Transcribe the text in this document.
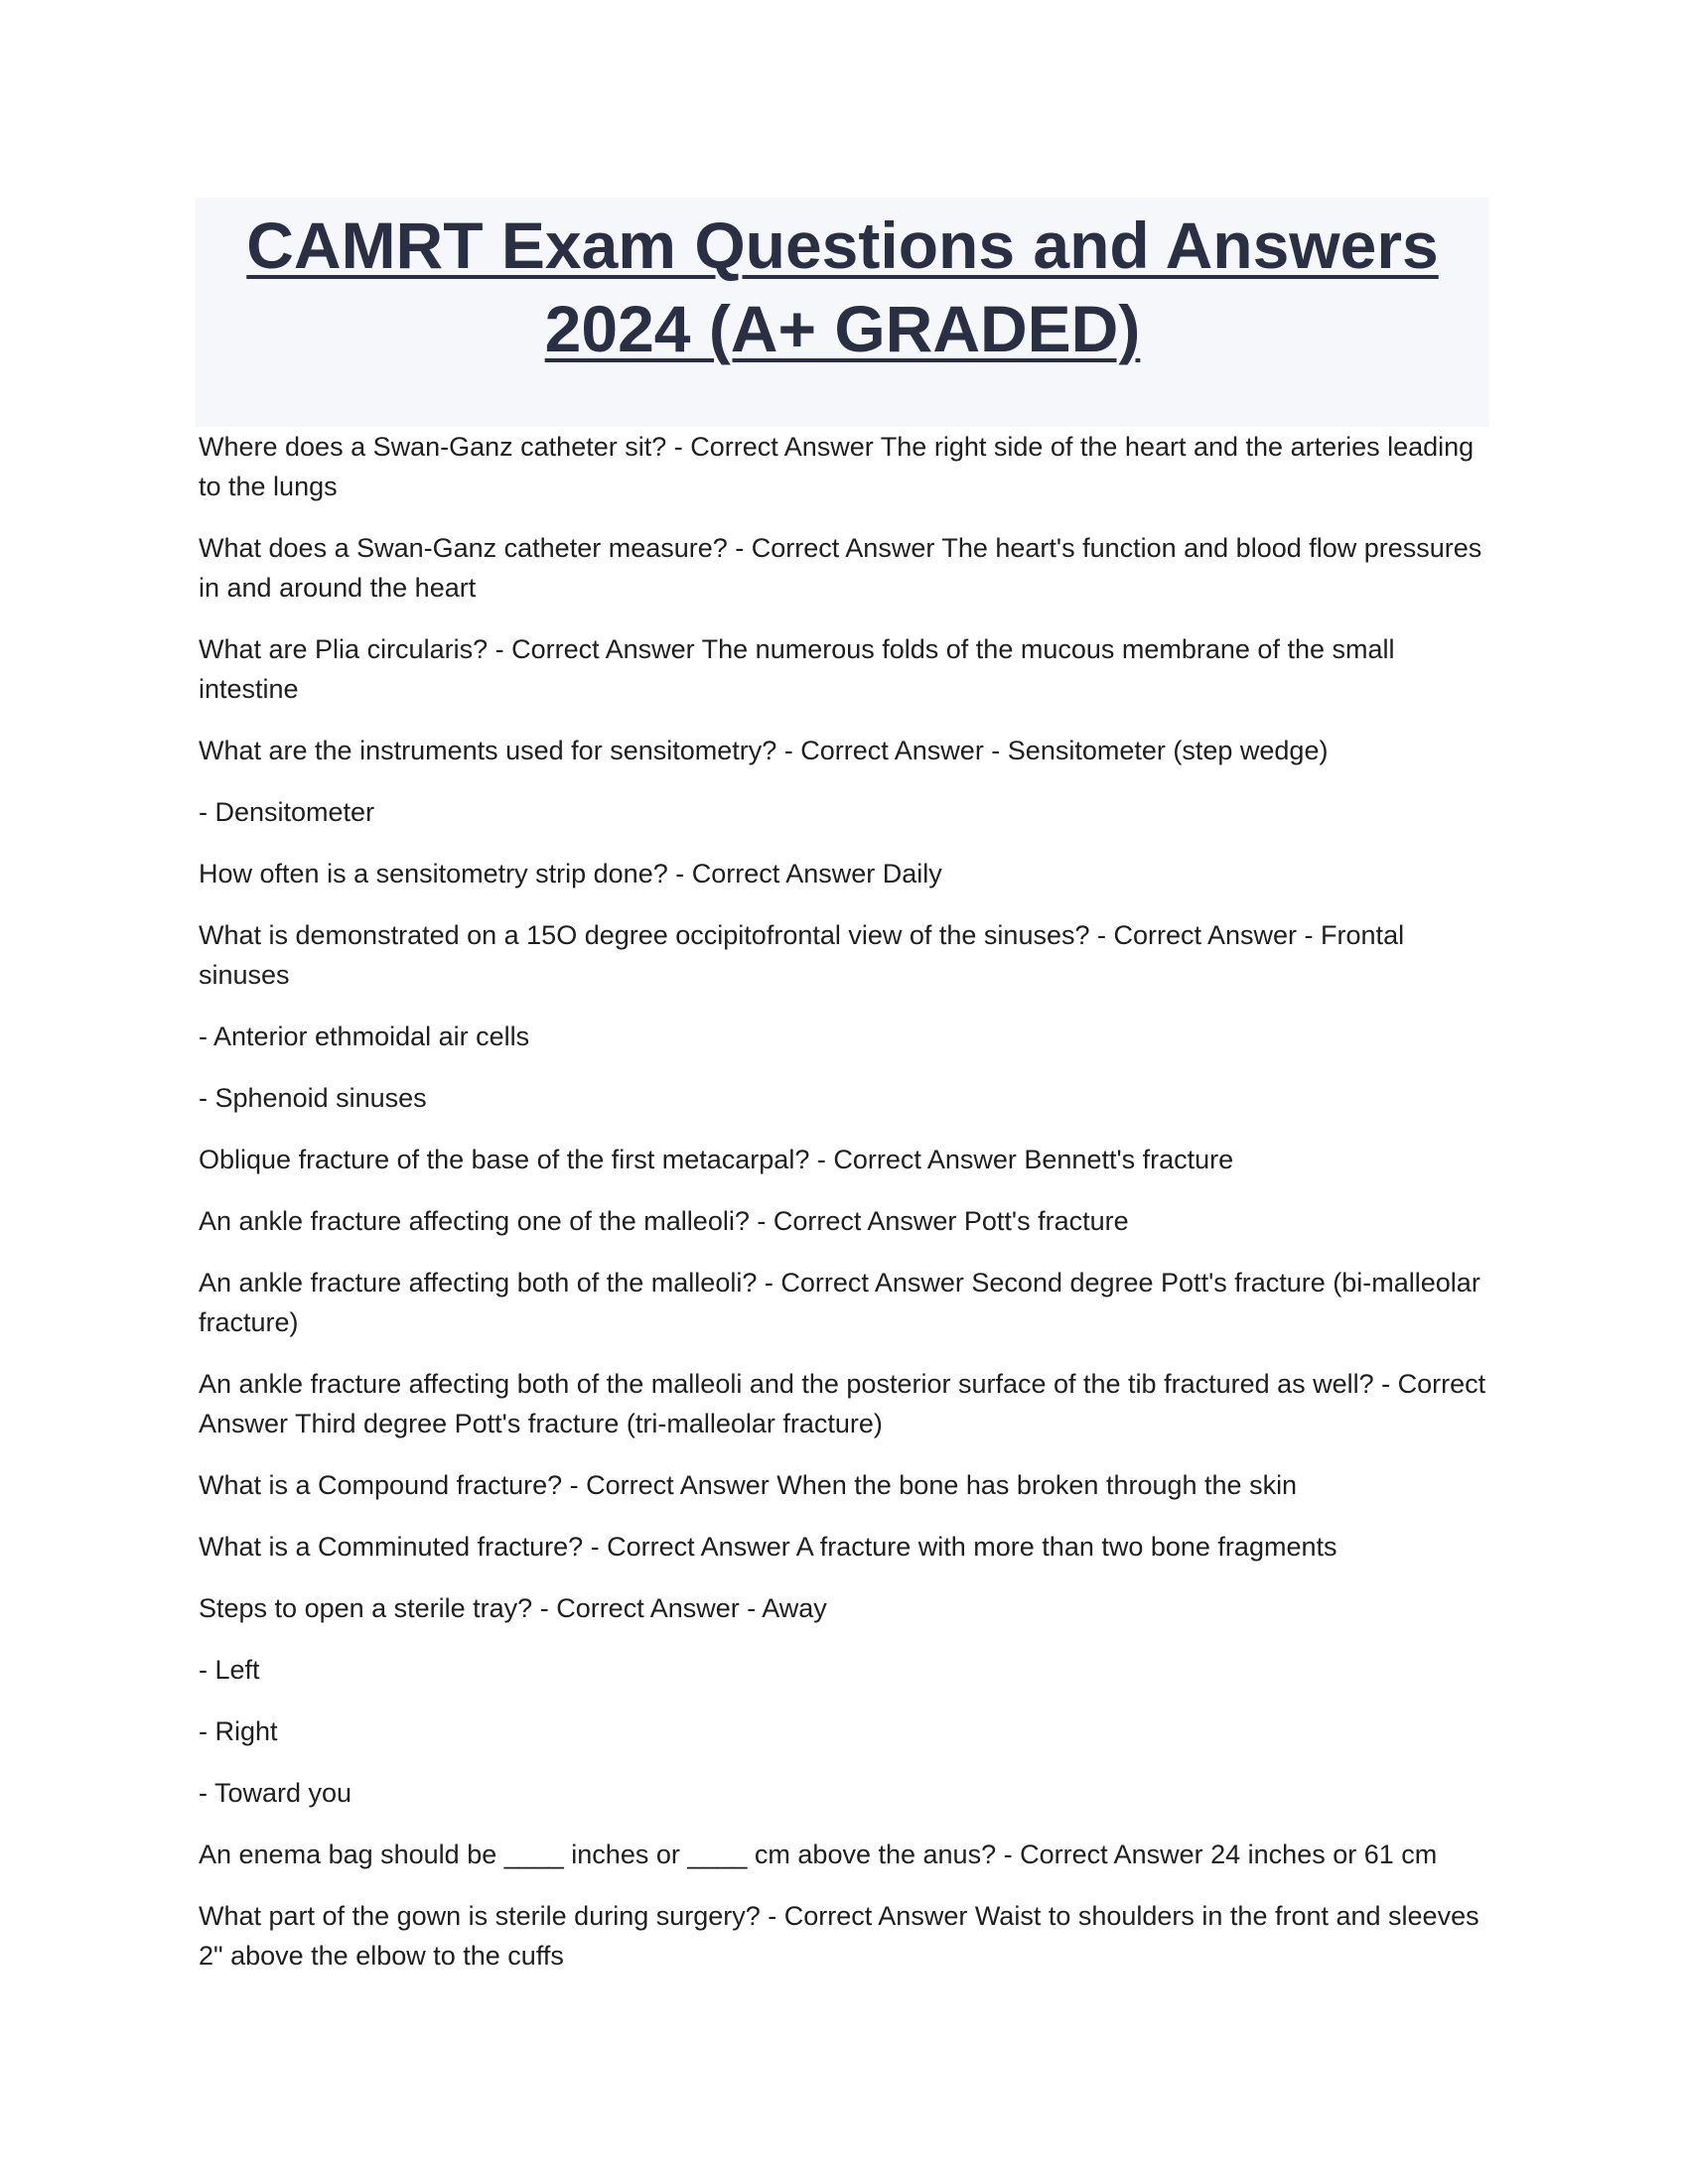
CAMRT Exam Questions and Answers 2024 (A+ GRADED)

Where does a Swan-Ganz catheter sit? - Correct Answer The right side of the heart and the arteries leading to the lungs

What does a Swan-Ganz catheter measure? - Correct Answer The heart's function and blood flow pressures in and around the heart

What are Plia circularis? - Correct Answer The numerous folds of the mucous membrane of the small intestine

What are the instruments used for sensitometry? - Correct Answer - Sensitometer (step wedge)

- Densitometer

How often is a sensitometry strip done? - Correct Answer Daily

What is demonstrated on a 15O degree occipitofrontal view of the sinuses? - Correct Answer - Frontal sinuses

- Anterior ethmoidal air cells

- Sphenoid sinuses

Oblique fracture of the base of the first metacarpal? - Correct Answer Bennett's fracture

An ankle fracture affecting one of the malleoli? - Correct Answer Pott's fracture

An ankle fracture affecting both of the malleoli? - Correct Answer Second degree Pott's fracture (bi-malleolar fracture)

An ankle fracture affecting both of the malleoli and the posterior surface of the tib fractured as well? - Correct Answer Third degree Pott's fracture (tri-malleolar fracture)

What is a Compound fracture? - Correct Answer When the bone has broken through the skin

What is a Comminuted fracture? - Correct Answer A fracture with more than two bone fragments

Steps to open a sterile tray? - Correct Answer - Away

- Left

- Right

- Toward you

An enema bag should be ____ inches or ____ cm above the anus? - Correct Answer 24 inches or 61 cm

What part of the gown is sterile during surgery? - Correct Answer Waist to shoulders in the front and sleeves 2" above the elbow to the cuffs
